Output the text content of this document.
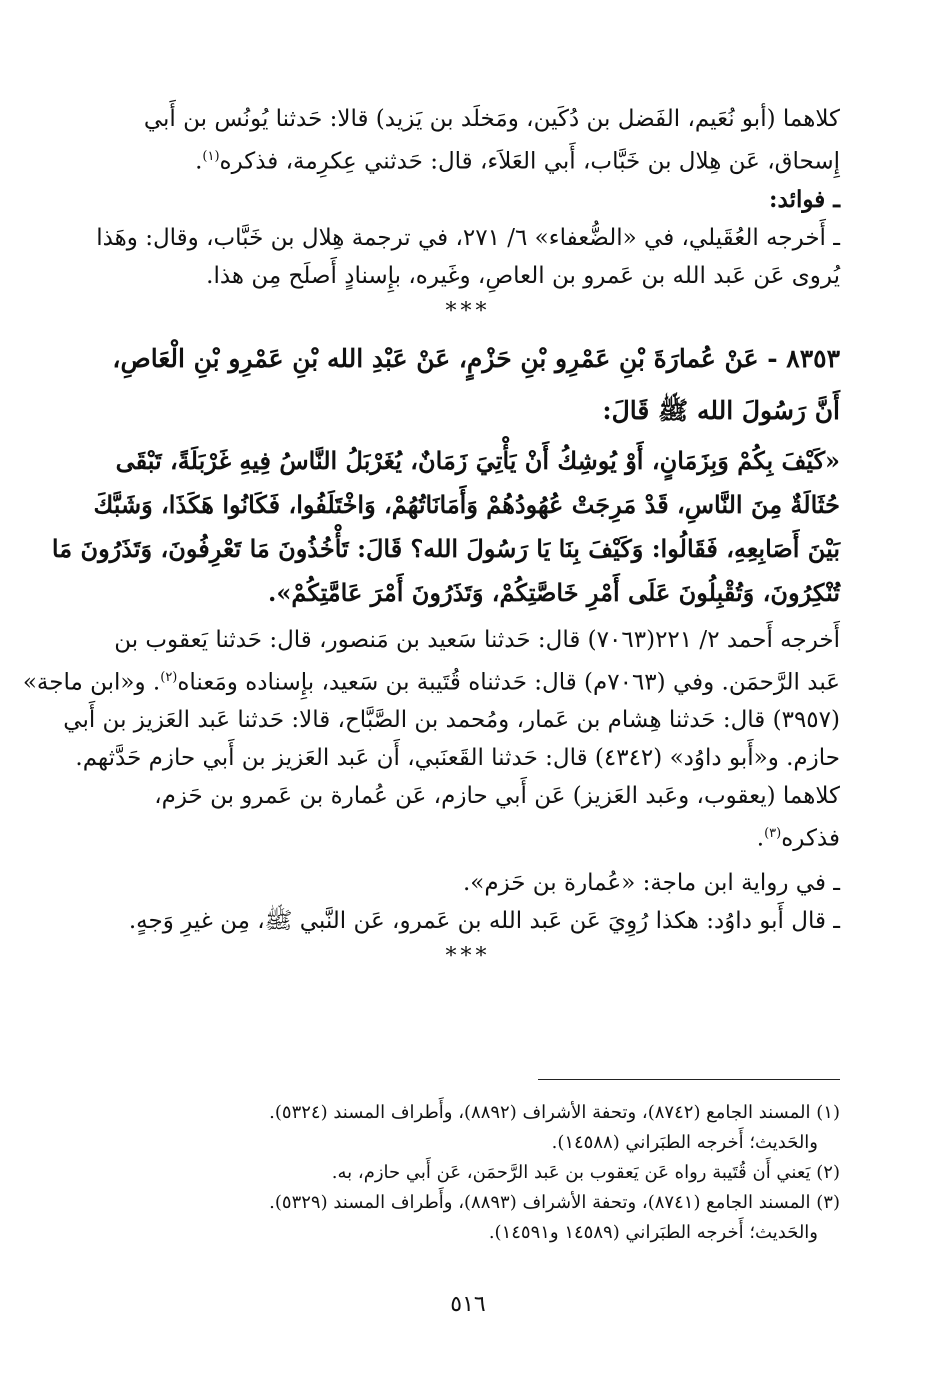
كلاهما (أبو نُعَيم، الفَضل بن دُكَين، ومَخلَد بن يَزيد) قالا: حَدثنا يُونُس بن أَبي
إِسحاق، عَن هِلال بن خَبَّاب، أَبي العَلاَء، قال: حَدثني عِكرِمة، فذكره$^{(١)}$.
ـ فوائد:
ـ أَخرجه العُقَيلي، في «الضُّعفاء» ٦/ ٢٧١، في ترجمة هِلال بن خَبَّاب، وقال: وهَذا
يُروى عَن عَبد الله بن عَمرو بن العاصِ، وغَيره، بإِسنادٍ أَصلَح مِن هذا.
***
٨٣٥٣ - عَنْ عُمارَةَ بْنِ عَمْرِو بْنِ حَزْمٍ، عَنْ عَبْدِ الله بْنِ عَمْرِو بْنِ الْعَاصِ،
أَنَّ رَسُولَ الله ﷺ قَالَ:
«كَيْفَ بِكُمْ وَبِزَمَانٍ، أَوْ يُوشِكُ أَنْ يَأْتِيَ زَمَانٌ، يُغَرْبَلُ النَّاسُ فِيهِ غَرْبَلَةً، تَبْقَى
حُثَالَةٌ مِنَ النَّاسِ، قَدْ مَرِجَتْ عُهُودُهُمْ وَأَمَانَاتُهُمْ، وَاخْتَلَفُوا، فَكَانُوا هَكَذَا، وَشَبَّكَ
بَيْنَ أَصَابِعِهِ، فَقَالُوا: وَكَيْفَ بِنَا يَا رَسُولَ الله؟ قَالَ: تَأْخُذُونَ مَا تَعْرِفُونَ، وَتَذَرُونَ مَا
تُنْكِرُونَ، وَتُقْبِلُونَ عَلَى أَمْرِ خَاصَّتِكُمْ، وَتَذَرُونَ أَمْرَ عَامَّتِكُمْ».
أَخرجه أَحمد ٢/ ٢٢١(٧٠٦٣) قال: حَدثنا سَعيد بن مَنصور، قال: حَدثنا يَعقوب بن
عَبد الرَّحمَن. وفي (٧٠٦٣م) قال: حَدثناه قُتَيبة بن سَعيد، بإِسناده ومَعناه$^{(٢)}$. و«ابن ماجة»
(٣٩٥٧) قال: حَدثنا هِشام بن عَمار، ومُحمد بن الصَّبَّاح، قالا: حَدثنا عَبد العَزيز بن أَبي
حازم. و«أَبو داوُد» (٤٣٤٢) قال: حَدثنا القَعنَبي، أَن عَبد العَزيز بن أَبي حازم حَدَّثهم.
كلاهما (يعقوب، وعَبد العَزيز) عَن أَبي حازم، عَن عُمارة بن عَمرو بن حَزم،
فذكره$^{(٣)}$.
ـ في رواية ابن ماجة: «عُمارة بن حَزم».
ـ قال أَبو داوُد: هكذا رُوِيَ عَن عَبد الله بن عَمرو، عَن النَّبي ﷺ، مِن غيرِ وَجهٍ.
***
(١) المسند الجامع (٨٧٤٢)، وتحفة الأشراف (٨٨٩٢)، وأَطراف المسند (٥٣٢٤).
والحَديث؛ أَخرجه الطبَراني (١٤٥٨٨).
(٢) يَعني أَن قُتَيبة رواه عَن يَعقوب بن عَبد الرَّحمَن، عَن أَبي حازم، به.
(٣) المسند الجامع (٨٧٤١)، وتحفة الأشراف (٨٨٩٣)، وأَطراف المسند (٥٣٢٩).
والحَديث؛ أَخرجه الطبَراني (١٤٥٨٩ و١٤٥٩١).
٥١٦
